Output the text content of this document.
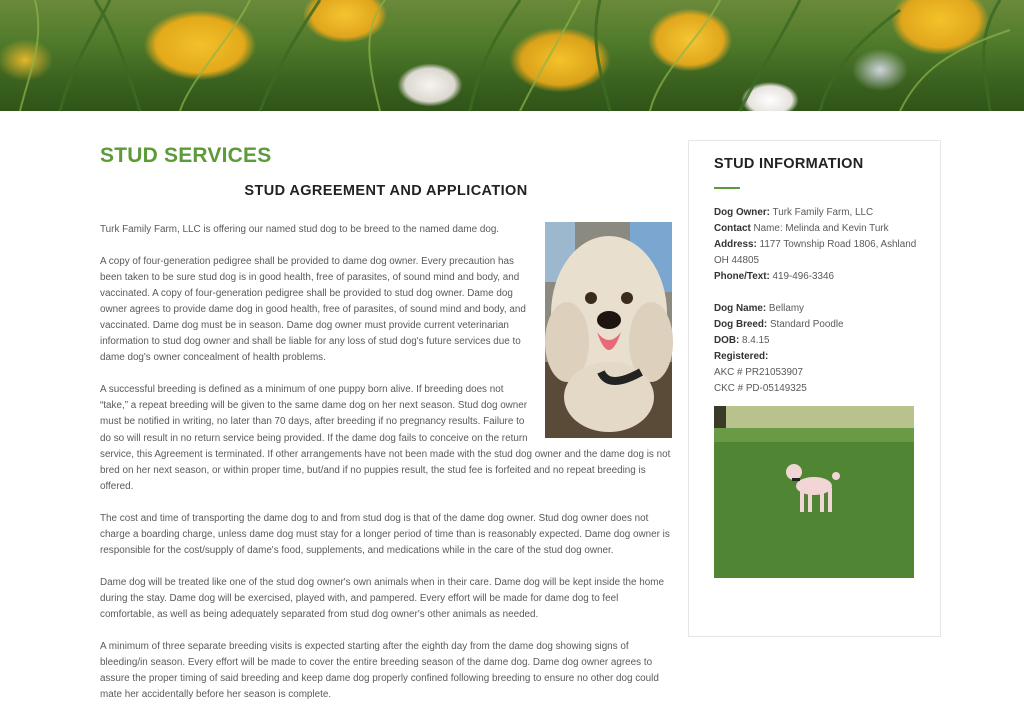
STUD SERVICES
STUD AGREEMENT AND APPLICATION

Turk Family Farm, LLC is offering our named stud dog to be breed to the named dame dog.

A copy of four-generation pedigree shall be provided to dame dog owner. Every precaution has been taken to be sure stud dog is in good health, free of parasites, of sound mind and body, and vaccinated. A copy of four-generation pedigree shall be provided to stud dog owner. Dame dog owner agrees to provide dame dog in good health, free of parasites, of sound mind and body, and vaccinated. Dame dog must be in season. Dame dog owner must provide current veterinarian information to stud dog owner and shall be liable for any loss of stud dog's future services due to dame dog's owner concealment of health problems.

A successful breeding is defined as a minimum of one puppy born alive. If breeding does not “take,” a repeat breeding will be given to the same dame dog on her next season. Stud dog owner must be notified in writing, no later than 70 days, after breeding if no pregnancy results. Failure to do so will result in no return service being provided. If the dame dog fails to conceive on the return service, this Agreement is terminated. If other arrangements have not been made with the stud dog owner and the dame dog is not bred on her next season, or within proper time, but/and if no puppies result, the stud fee is forfeited and no repeat breeding is offered.

The cost and time of transporting the dame dog to and from stud dog is that of the dame dog owner. Stud dog owner does not charge a boarding charge, unless dame dog must stay for a longer period of time than is reasonably expected. Dame dog owner is responsible for the cost/supply of dame's food, supplements, and medications while in the care of the stud dog owner.

Dame dog will be treated like one of the stud dog owner's own animals when in their care. Dame dog will be kept inside the home during the stay. Dame dog will be exercised, played with, and pampered. Every effort will be made for dame dog to feel comfortable, as well as being adequately separated from stud dog owner's other animals as needed.

A minimum of three separate breeding visits is expected starting after the eighth day from the dame dog showing signs of bleeding/in season. Every effort will be made to cover the entire breeding season of the dame dog. Dame dog owner agrees to assure the proper timing of said breeding and keep dame dog properly confined following breeding to ensure no other dog could mate her accidentally before her season is complete.

STUD INFORMATION
Dog Owner: Turk Family Farm, LLC
Contact Name: Melinda and Kevin Turk
Address: 1177 Township Road 1806, Ashland OH 44805
Phone/Text: 419-496-3346
Dog Name: Bellamy
Dog Breed: Standard Poodle
DOB: 8.4.15
Registered:
AKC # PR21053907
CKC # PD-05149325
